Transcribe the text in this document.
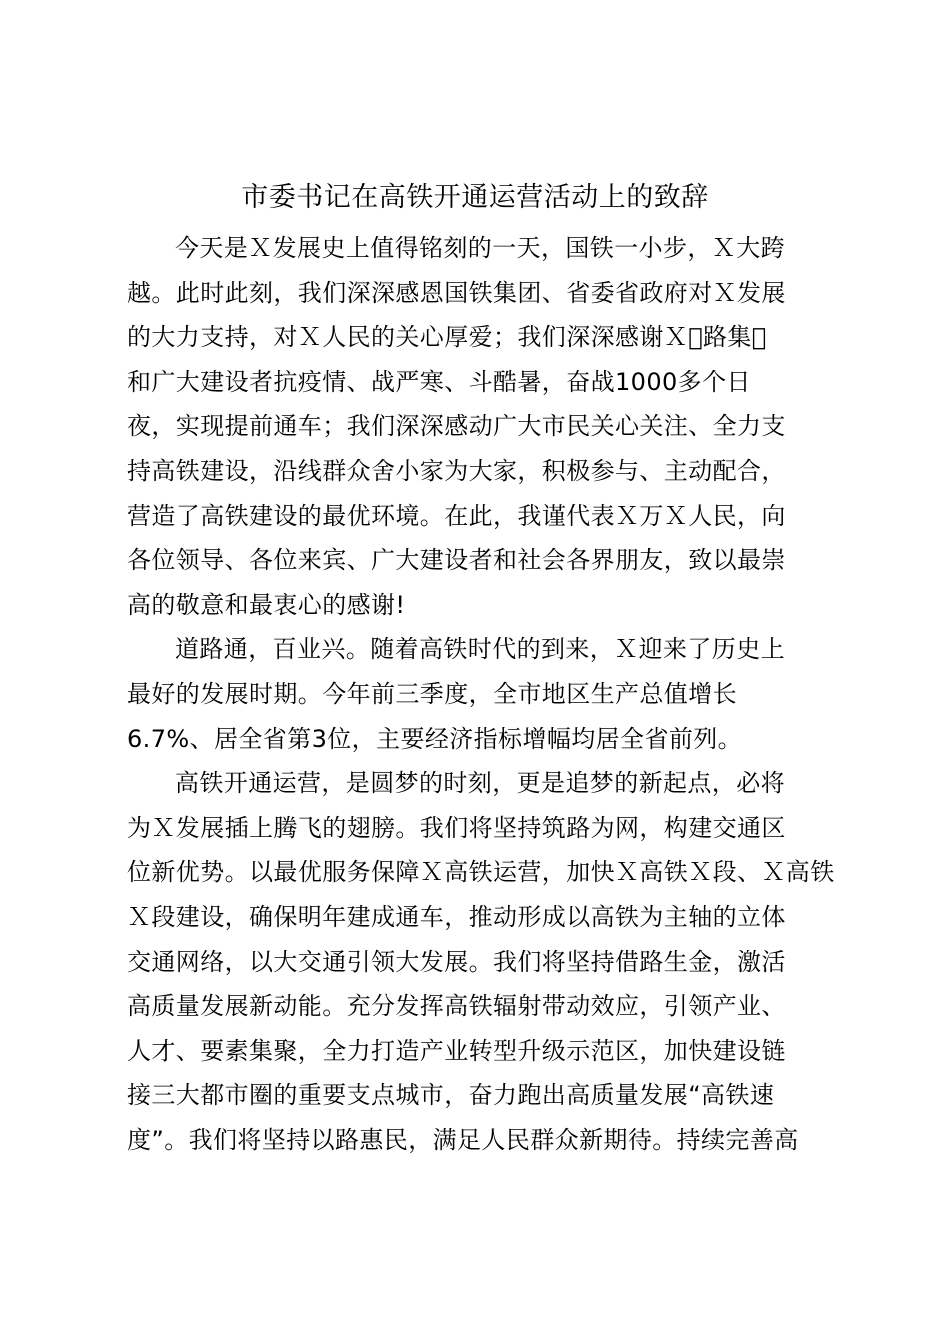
市委书记在高铁开通运营活动上的致辞

今天是Ｘ发展史上值得铭刻的一天，国铁一小步，Ｘ大跨
越。此时此刻，我们深深感恩国铁集团、省委省政府对Ｘ发展
的大力支持，对Ｘ人民的关心厚爱；我们深深感谢Ｘ 路集 
和广大建设者抗疫情、战严寒、斗酷暑，奋战1000多个日
夜，实现提前通车；我们深深感动广大市民关心关注、全力支
持高铁建设，沿线群众舍小家为大家，积极参与、主动配合，
营造了高铁建设的最优环境。在此，我谨代表Ｘ万Ｘ人民，向
各位领导、各位来宾、广大建设者和社会各界朋友，致以最崇
高的敬意和最衷心的感谢!

道路通，百业兴。随着高铁时代的到来，Ｘ迎来了历史上
最好的发展时期。今年前三季度，全市地区生产总值增长
6.7%、居全省第3位，主要经济指标增幅均居全省前列。

高铁开通运营，是圆梦的时刻，更是追梦的新起点，必将
为Ｘ发展插上腾飞的翅膀。我们将坚持筑路为网，构建交通区
位新优势。以最优服务保障Ｘ高铁运营，加快Ｘ高铁Ｘ段、Ｘ高铁
Ｘ段建设，确保明年建成通车，推动形成以高铁为主轴的立体
交通网络，以大交通引领大发展。我们将坚持借路生金，激活
高质量发展新动能。充分发挥高铁辐射带动效应，引领产业、
人才、要素集聚，全力打造产业转型升级示范区，加快建设链
接三大都市圈的重要支点城市，奋力跑出高质量发展“高铁速
度”。我们将坚持以路惠民，满足人民群众新期待。持续完善高
